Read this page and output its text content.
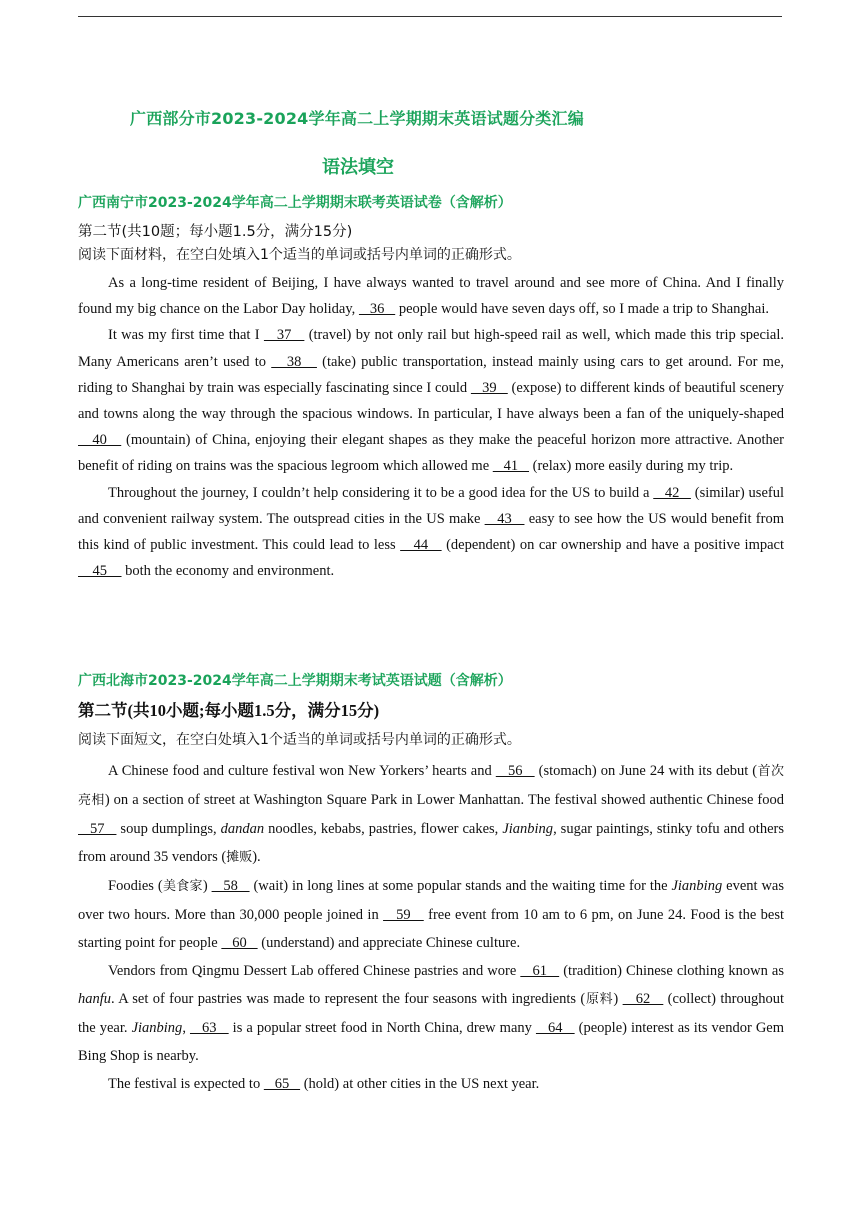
广西部分市2023-2024学年高二上学期期末英语试题分类汇编
语法填空

广西南宁市2023-2024学年高二上学期期末联考英语试卷（含解析）

第二节(共10题；每小题1.5分，满分15分)

阅读下面材料，在空白处填入1个适当的单词或括号内单词的正确形式。

As a long-time resident of Beijing, I have always wanted to travel around and see more of China. And I finally found my big chance on the Labor Day holiday,    36    people would have seven days off, so I made a trip to Shanghai.

It was my first time that I    37    (travel) by not only rail but high-speed rail as well, which made this trip special. Many Americans aren’t used to    38    (take) public transportation, instead mainly using cars to get around. For me, riding to Shanghai by train was especially fascinating since I could    39    (expose) to different kinds of beautiful scenery and towns along the way through the spacious windows. In particular, I have always been a fan of the uniquely-shaped    40    (mountain) of China, enjoying their elegant shapes as they make the peaceful horizon more attractive. Another benefit of riding on trains was the spacious legroom which allowed me    41    (relax) more easily during my trip.

Throughout the journey, I couldn’t help considering it to be a good idea for the US to build a    42    (similar) useful and convenient railway system. The outspread cities in the US make    43    easy to see how the US would benefit from this kind of public investment. This could lead to less    44    (dependent) on car ownership and have a positive impact     45     both the economy and environment.

广西北海市2023-2024学年高二上学期期末考试英语试题（含解析）

第二节(共10小题;每小题1.5分，满分15分)

阅读下面短文，在空白处填入1个适当的单词或括号内单词的正确形式。

A Chinese food and culture festival won New Yorkers’ hearts and    56    (stomach) on June 24 with its debut (首次亮相) on a section of street at Washington Square Park in Lower Manhattan. The festival showed authentic Chinese food    57    soup dumplings, dandan noodles, kebabs, pastries, flower cakes, Jianbing, sugar paintings, stinky tofu and others from around 35 vendors (摊贩).

Foodies (美食家)    58    (wait) in long lines at some popular stands and the waiting time for the Jianbing event was over two hours. More than 30,000 people joined in    59    free event from 10 am to 6 pm, on June 24. Food is the best starting point for people    60    (understand) and appreciate Chinese culture.

Vendors from Qingmu Dessert Lab offered Chinese pastries and wore    61    (tradition) Chinese clothing known as hanfu. A set of four pastries was made to represent the four seasons with ingredients (原料)    62    (collect) throughout the year. Jianbing,    63    is a popular street food in North China, drew many    64    (people) interest as its vendor Gem Bing Shop is nearby.

The festival is expected to    65    (hold) at other cities in the US next year.
